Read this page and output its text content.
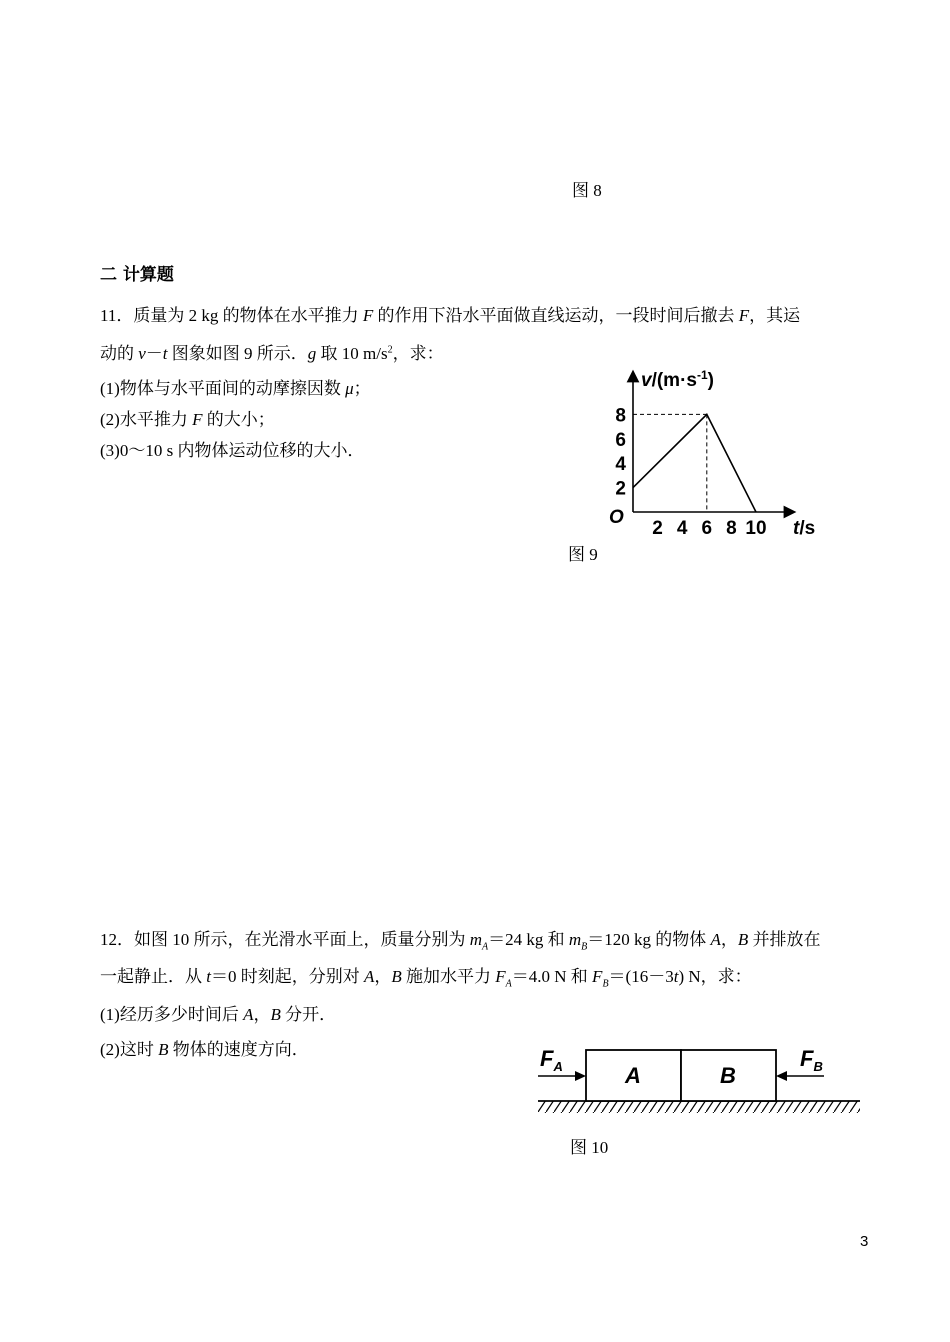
图 8
二 计算题
11．质量为 2 kg 的物体在水平推力 F 的作用下沿水平面做直线运动，一段时间后撤去 F，其运
动的 v－t 图象如图 9 所示．g 取 10 $m/s^2$，求：
(1)物体与水平面间的动摩擦因数 μ；
(2)水平推力 F 的大小；
(3)0～10 s 内物体运动位移的大小．
2
4
6
8
2 4 6 8 10
O
$v/(m\cdot s^{-1})$
t/s
图 9
12．如图 10 所示，在光滑水平面上，质量分别为 $m_A=24$ kg 和 $m_B=120$ kg 的物体 A，B 并排放在
一起静止．从 t＝0 时刻起，分别对 A，B 施加水平力 $F_A=4.0$ N 和 $F_B=(16-3t)$ N，求：
(1)经历多少时间后 A，B 分开．
(2)这时 B 物体的速度方向．
A	B
$F_A$	$F_B$
图 10
3
